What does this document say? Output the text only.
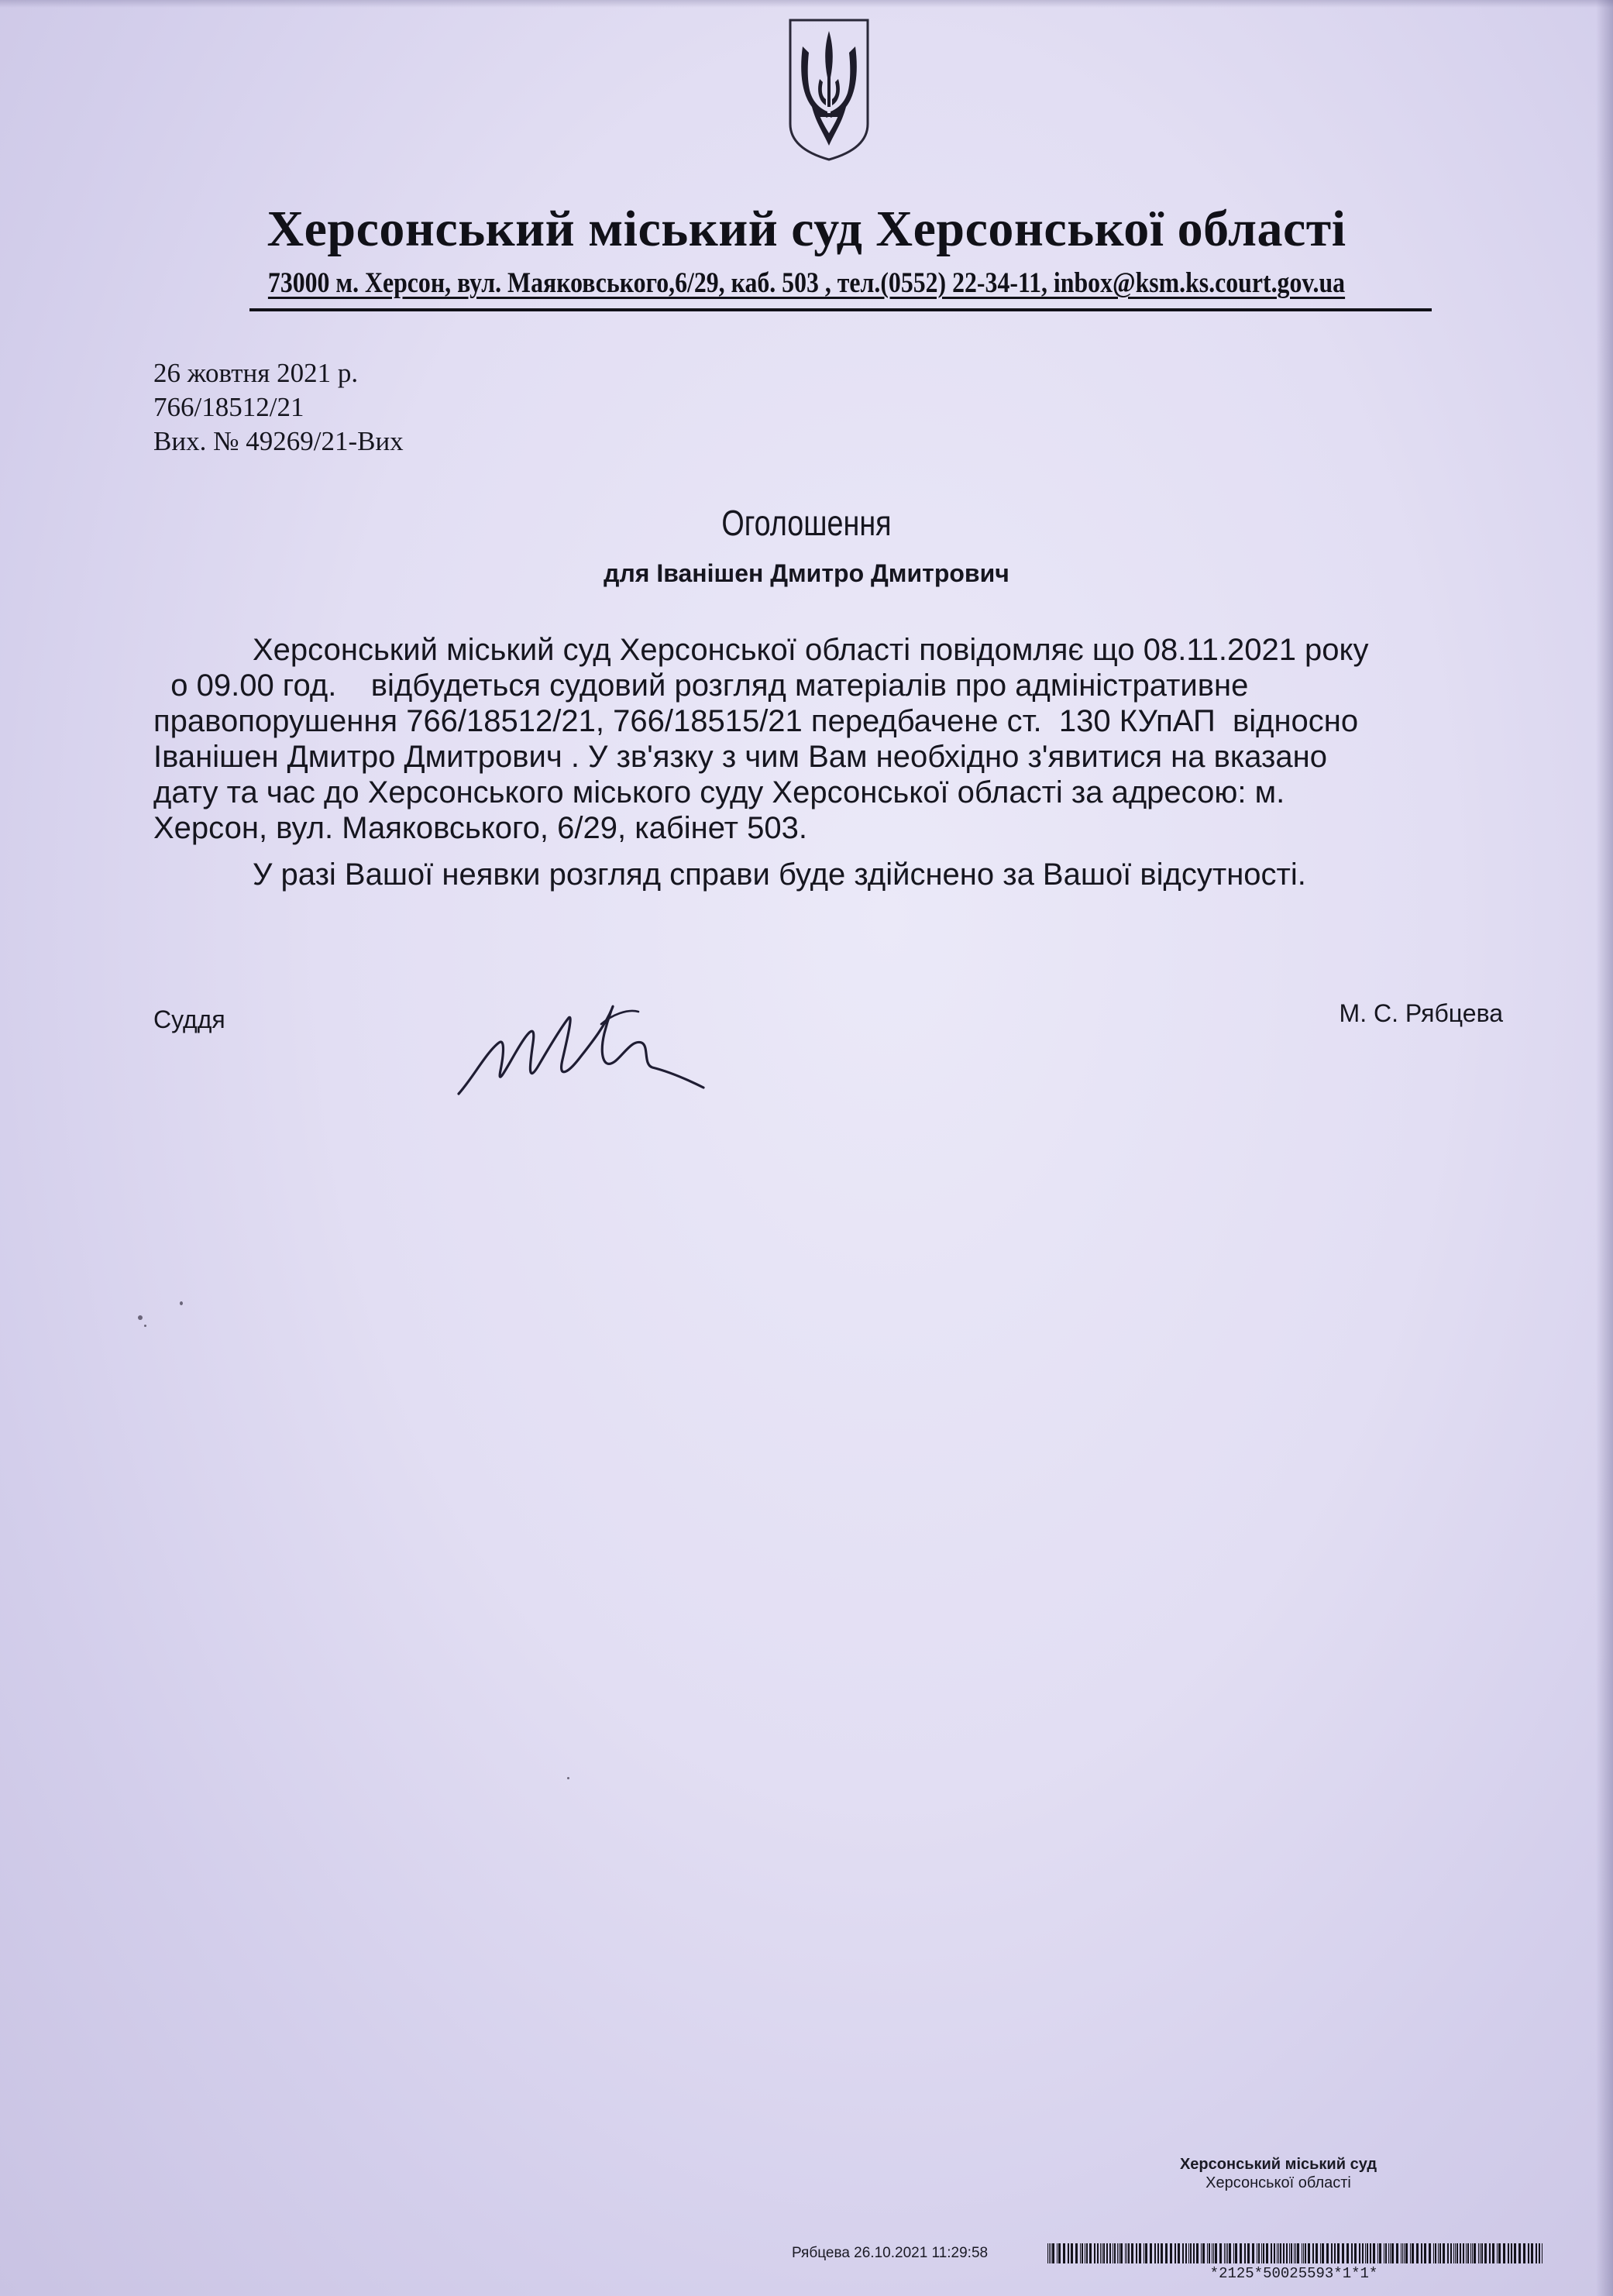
Херсонський міський суд Херсонської області
73000 м. Херсон, вул. Маяковського,6/29, каб. 503 , тел.(0552) 22-34-11, inbox@ksm.ks.court.gov.ua
26 жовтня 2021 р.
766/18512/21
Вих. № 49269/21-Вих
Оголошення
для Іванішен Дмитро Дмитрович
Херсонський міський суд Херсонської області повідомляє що 08.11.2021 року
о 09.00 год.    відбудеться судовий розгляд матеріалів про адміністративне
правопорушення 766/18512/21, 766/18515/21 передбачене ст.  130 КУпАП  відносно
Іванішен Дмитро Дмитрович . У зв'язку з чим Вам необхідно з'явитися на вказано
дату та час до Херсонського міського суду Херсонської області за адресою: м.
Херсон, вул. Маяковського, 6/29, кабінет 503.
У разі Вашої неявки розгляд справи буде здійснено за Вашої відсутності.
Суддя	М. С. Рябцева
Херсонський міський суд
Херсонської області
Рябцева 26.10.2021 11:29:58
*2125*50025593*1*1*
